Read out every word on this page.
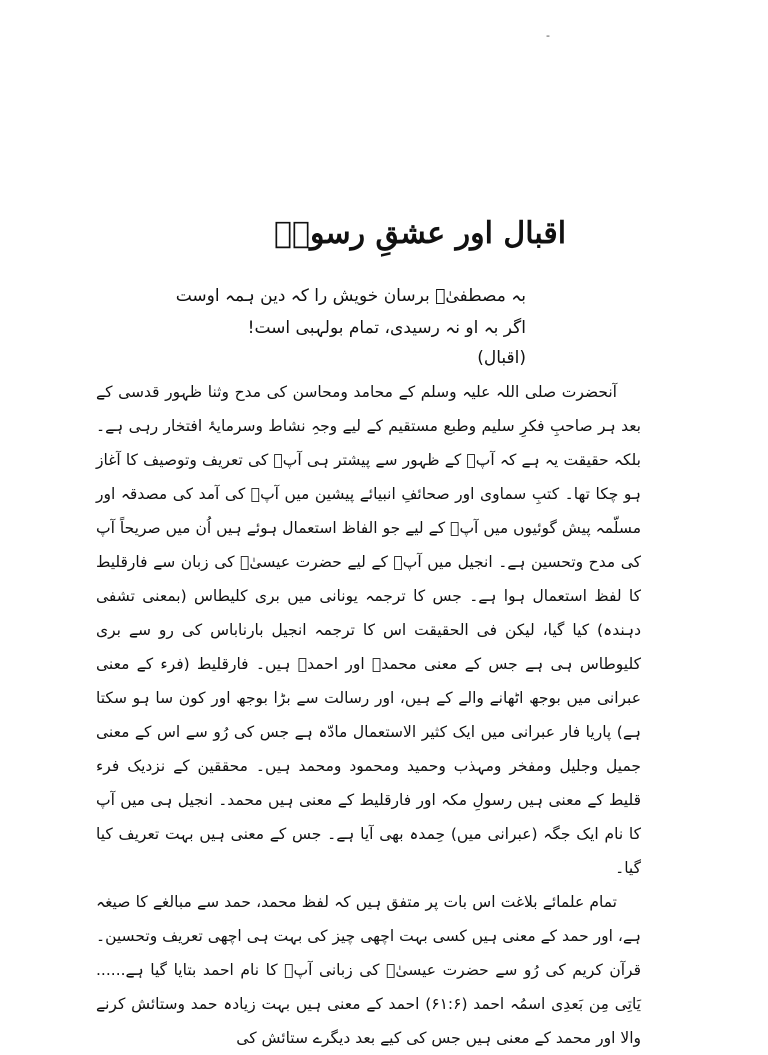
-
اقبال اور عشقِ رسولؐ
بہ مصطفیٰؐ برسان خویش را کہ دین ہمہ اوست
اگر بہ او نہ رسیدی، تمام بولہبی است!
(اقبال)

آنحضرت صلی اللہ علیہ وسلم کے محامد ومحاسن کی مدح وثنا ظہور قدسی کے بعد ہر صاحبِ فکرِ سلیم وطبع مستقیم کے لیے وجہِ نشاط وسرمایۂ افتخار رہی ہے۔ بلکہ حقیقت یہ ہے کہ آپؐ کے ظہور سے پیشتر ہی آپؐ کی تعریف وتوصیف کا آغاز ہو چکا تھا۔ کتبِ سماوی اور صحائفِ انبیائے پیشین میں آپؐ کی آمد کی مصدقہ اور مسلّمہ پیش گوئیوں میں آپؐ کے لیے جو الفاظ استعمال ہوئے ہیں اُن میں صریحاً آپ کی مدح وتحسین ہے۔ انجیل میں آپؐ کے لیے حضرت عیسیٰؑ کی زبان سے فارقلیط کا لفظ استعمال ہوا ہے۔ جس کا ترجمہ یونانی میں بری کلیطاس (بمعنی تشفی دہندہ) کیا گیا، لیکن فی الحقیقت اس کا ترجمہ انجیل بارناباس کی رو سے بری کلیوطاس ہی ہے جس کے معنی محمدؐ اور احمدؐ ہیں۔ فارقلیط (فرء کے معنی عبرانی میں بوجھ اٹھانے والے کے ہیں، اور رسالت سے بڑا بوجھ اور کون سا ہو سکتا ہے) پاریا فار عبرانی میں ایک کثیر الاستعمال مادّہ ہے جس کی رُو سے اس کے معنی جمیل وجلیل ومفخر ومہذب وحمید ومحمود ومحمد ہیں۔ محققین کے نزدیک فرء قلیط کے معنی ہیں رسولِ مکہ اور فارقلیط کے معنی ہیں محمد۔ انجیل ہی میں آپ کا نام ایک جگہ (عبرانی میں) حِمدہ بھی آیا ہے۔ جس کے معنی ہیں بہت تعریف کیا گیا۔

تمام علمائے بلاغت اس بات پر متفق ہیں کہ لفظ محمد، حمد سے مبالغے کا صیغہ ہے، اور حمد کے معنی ہیں کسی بہت اچھی چیز کی بہت ہی اچھی تعریف وتحسین۔ قرآن کریم کی رُو سے حضرت عیسیٰؑ کی زبانی آپؐ کا نام احمد بتایا گیا ہے...... یَاتِی مِن بَعدِی اسمُہ احمد (۶۱:۶) احمد کے معنی ہیں بہت زیادہ حمد وستائش کرنے والا اور محمد کے معنی ہیں جس کی کیے بعد دیگرے ستائش کی
